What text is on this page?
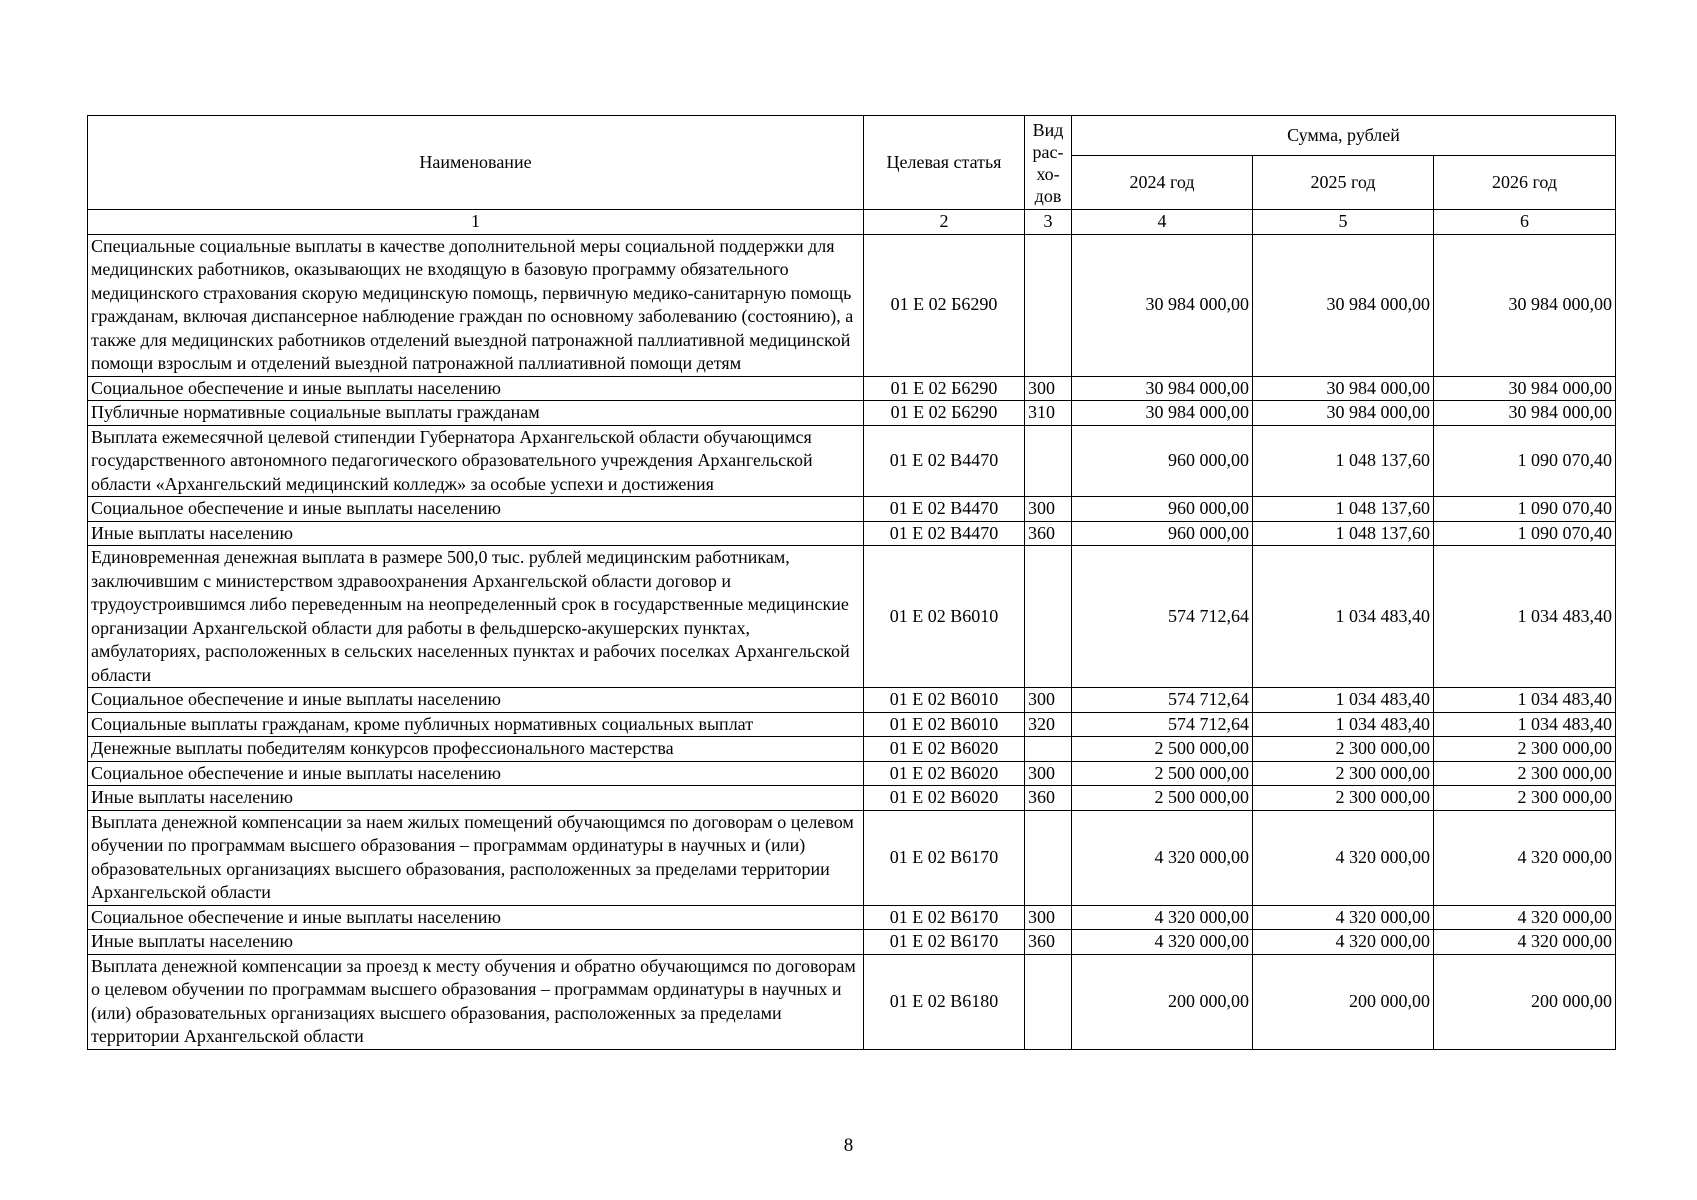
Наименование	Целевая статья	Вид
рас-
хо-
дов	Сумма, рублей		
			2024 год	2025 год	2026 год
1	2	3	4	5	6
Специальные социальные выплаты в качестве дополнительной меры социальной поддержки для медицинских работников, оказывающих не входящую в базовую программу обязательного медицинского страхования скорую медицинскую помощь, первичную медико-санитарную помощь гражданам, включая диспансерное наблюдение граждан по основному заболеванию (состоянию), а также для медицинских работников отделений выездной патронажной паллиативной медицинской помощи взрослым и отделений выездной патронажной паллиативной помощи детям	01 Е 02 Б6290		30 984 000,00	30 984 000,00	30 984 000,00
Социальное обеспечение и иные выплаты населению	01 Е 02 Б6290	300	30 984 000,00	30 984 000,00	30 984 000,00
Публичные нормативные социальные выплаты гражданам	01 Е 02 Б6290	310	30 984 000,00	30 984 000,00	30 984 000,00
Выплата ежемесячной целевой стипендии Губернатора Архангельской области обучающимся государственного автономного педагогического образовательного учреждения Архангельской области «Архангельский медицинский колледж» за особые успехи и достижения	01 Е 02 В4470		960 000,00	1 048 137,60	1 090 070,40
Социальное обеспечение и иные выплаты населению	01 Е 02 В4470	300	960 000,00	1 048 137,60	1 090 070,40
Иные выплаты населению	01 Е 02 В4470	360	960 000,00	1 048 137,60	1 090 070,40
Единовременная денежная выплата в размере 500,0 тыс. рублей медицинским работникам, заключившим с министерством здравоохранения Архангельской области договор и трудоустроившимся либо переведенным на неопределенный срок в государственные медицинские организации Архангельской области для работы в фельдшерско-акушерских пунктах, амбулаториях, расположенных в сельских населенных пунктах и рабочих поселках Архангельской области	01 Е 02 В6010		574 712,64	1 034 483,40	1 034 483,40
Социальное обеспечение и иные выплаты населению	01 Е 02 В6010	300	574 712,64	1 034 483,40	1 034 483,40
Социальные выплаты гражданам, кроме публичных нормативных социальных выплат	01 Е 02 В6010	320	574 712,64	1 034 483,40	1 034 483,40
Денежные выплаты победителям конкурсов профессионального мастерства	01 Е 02 В6020		2 500 000,00	2 300 000,00	2 300 000,00
Социальное обеспечение и иные выплаты населению	01 Е 02 В6020	300	2 500 000,00	2 300 000,00	2 300 000,00
Иные выплаты населению	01 Е 02 В6020	360	2 500 000,00	2 300 000,00	2 300 000,00
Выплата денежной компенсации за наем жилых помещений обучающимся по договорам о целевом обучении по программам высшего образования – программам ординатуры в научных и (или) образовательных организациях высшего образования, расположенных за пределами территории Архангельской области	01 Е 02 В6170		4 320 000,00	4 320 000,00	4 320 000,00
Социальное обеспечение и иные выплаты населению	01 Е 02 В6170	300	4 320 000,00	4 320 000,00	4 320 000,00
Иные выплаты населению	01 Е 02 В6170	360	4 320 000,00	4 320 000,00	4 320 000,00
Выплата денежной компенсации за проезд к месту обучения и обратно обучающимся по договорам о целевом обучении по программам высшего образования – программам ординатуры в научных и (или) образовательных организациях высшего образования, расположенных за пределами территории Архангельской области	01 Е 02 В6180		200 000,00	200 000,00	200 000,00
8
